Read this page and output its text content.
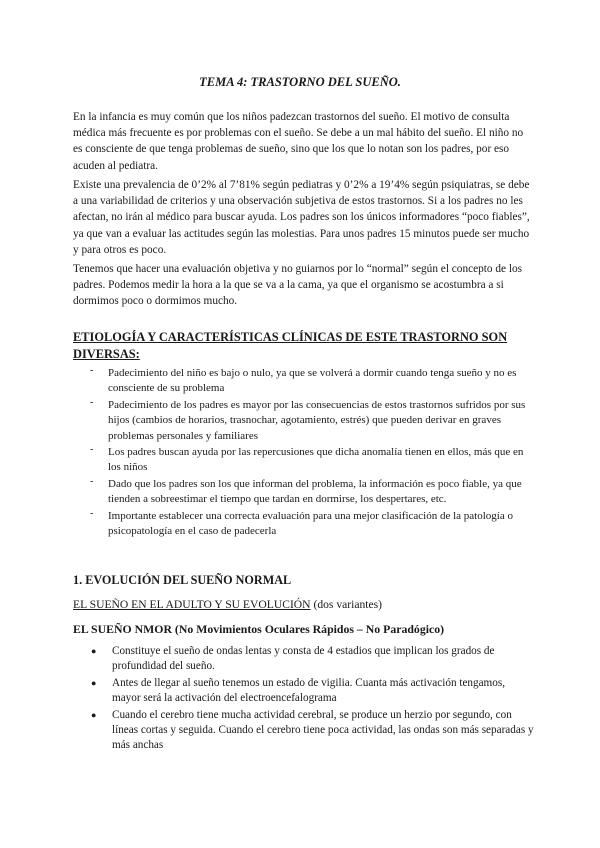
TEMA 4: TRASTORNO DEL SUEÑO.

En la infancia es muy común que los niños padezcan trastornos del sueño. El motivo de consulta médica más frecuente es por problemas con el sueño. Se debe a un mal hábito del sueño. El niño no es consciente de que tenga problemas de sueño, sino que los que lo notan son los padres, por eso acuden al pediatra.

Existe una prevalencia de 0’2% al 7’81% según pediatras y 0’2% a 19’4% según psiquiatras, se debe a una variabilidad de criterios y una observación subjetiva de estos trastornos. Si a los padres no les afectan, no irán al médico para buscar ayuda. Los padres son los únicos informadores “poco fiables”, ya que van a evaluar las actitudes según las molestias. Para unos padres 15 minutos puede ser mucho y para otros es poco.

Tenemos que hacer una evaluación objetiva y no guiarnos por lo “normal” según el concepto de los padres. Podemos medir la hora a la que se va a la cama, ya que el organismo se acostumbra a si dormimos poco o dormimos mucho.

ETIOLOGÍA Y CARACTERÍSTICAS CLÍNICAS DE ESTE TRASTORNO SON DIVERSAS:

- Padecimiento del niño es bajo o nulo, ya que se volverá a dormir cuando tenga sueño y no es consciente de su problema
- Padecimiento de los padres es mayor por las consecuencias de estos trastornos sufridos por sus hijos (cambios de horarios, trasnochar, agotamiento, estrés) que pueden derivar en graves problemas personales y familiares
- Los padres buscan ayuda por las repercusiones que dicha anomalía tienen en ellos, más que en los niños
- Dado que los padres son los que informan del problema, la información es poco fiable, ya que tienden a sobreestimar el tiempo que tardan en dormirse, los despertares, etc.
- Importante establecer una correcta evaluación para una mejor clasificación de la patología o psicopatología en el caso de padecerla

1. EVOLUCIÓN DEL SUEÑO NORMAL

EL SUEÑO EN EL ADULTO Y SU EVOLUCIÓN (dos variantes)

EL SUEÑO NMOR (No Movimientos Oculares Rápidos – No Paradógico)

● Constituye el sueño de ondas lentas y consta de 4 estadios que implican los grados de profundidad del sueño.
● Antes de llegar al sueño tenemos un estado de vigilia. Cuanta más activación tengamos, mayor será la activación del electroencefalograma
● Cuando el cerebro tiene mucha actividad cerebral, se produce un herzio por segundo, con líneas cortas y seguida. Cuando el cerebro tiene poca actividad, las ondas son más separadas y más anchas
